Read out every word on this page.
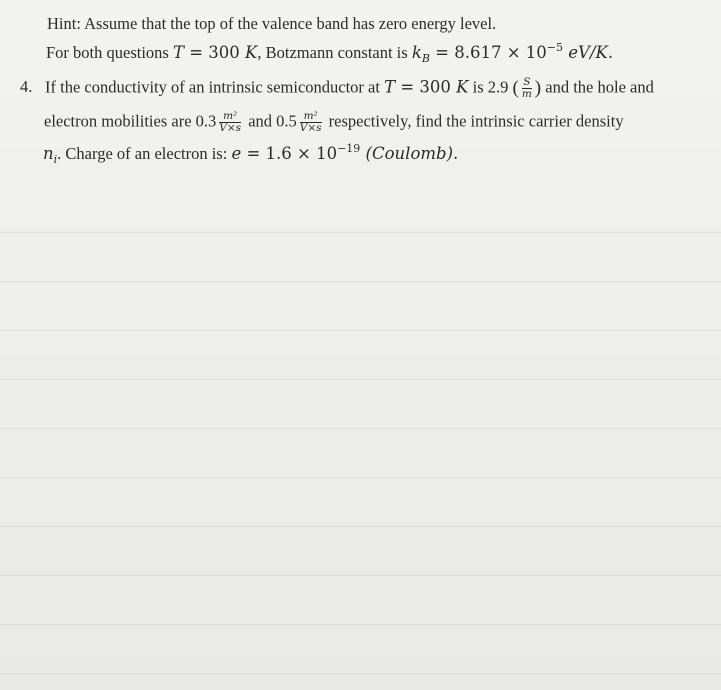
Hint: Assume that the top of the valence band has zero energy level.
For both questions T = 300 K, Botzmann constant is $k_B = 8.617 \times 10^{-5}$ eV/K.
4. If the conductivity of an intrinsic semiconductor at T = 300 K is 2.9 ( $\frac{S}{m}$ ) and the hole and
electron mobilities are $0.3 \frac{\text{m²}}{V\times s}$ and $0.5 \frac{\text{m²}}{V\times s}$ respectively, find the intrinsic carrier density
$n_i$. Charge of an electron is: $e = 1.6 \times 10^{-19}$ (Coulomb).
